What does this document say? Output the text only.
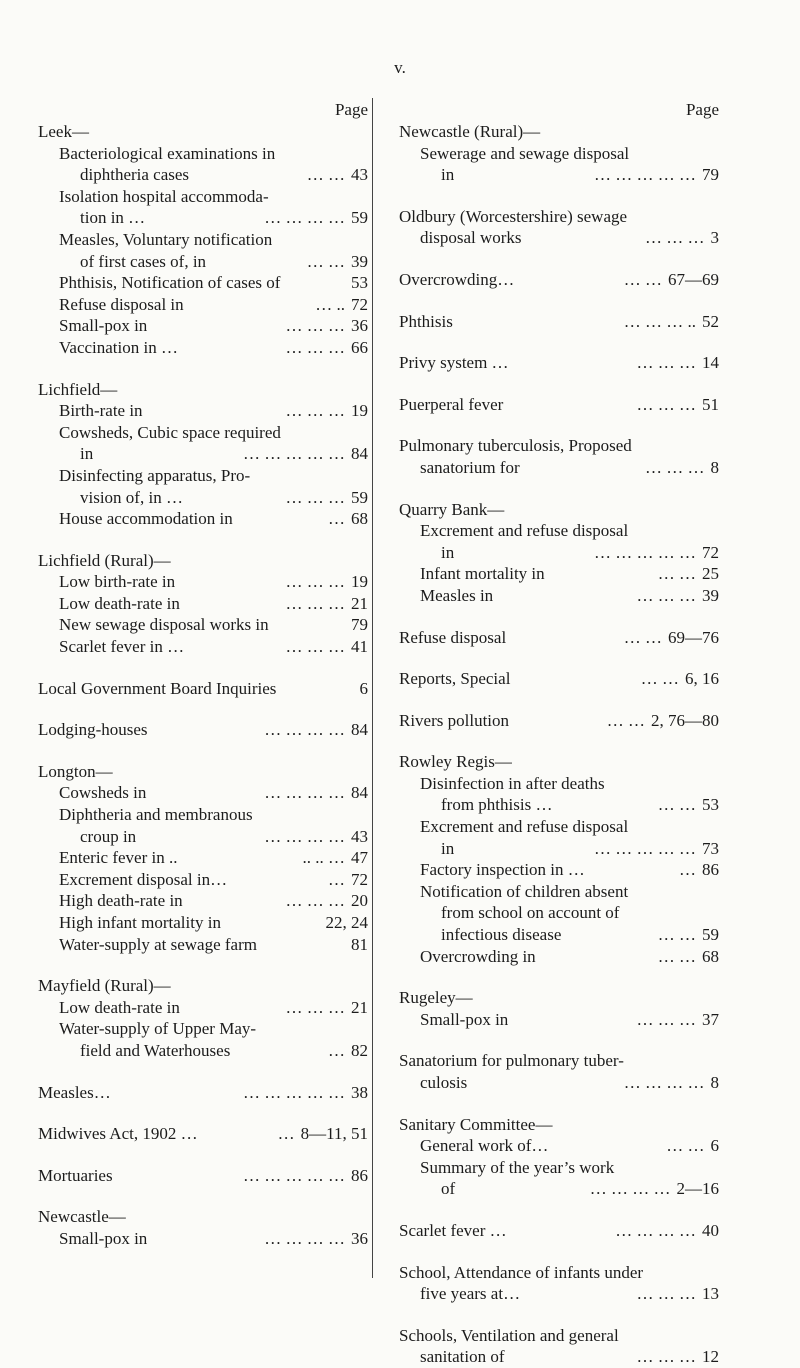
v.
Page
Leek—
Bacteriological examinations in
diphtheria cases	… … 43
Isolation hospital accommoda-
tion in …	… … … … 59
Measles, Voluntary notification
of first cases of, in	… … 39
Phthisis, Notification of cases of	53
Refuse disposal in	… .. 72
Small-pox in	… … … 36
Vaccination in …	… … … 66
Lichfield—
Birth-rate in	… … … 19
Cowsheds, Cubic space required
in	… … … … … 84
Disinfecting apparatus, Pro-
vision of, in …	… … … 59
House accommodation in	… 68
Lichfield (Rural)—
Low birth-rate in	… … … 19
Low death-rate in	… … … 21
New sewage disposal works in	79
Scarlet fever in …	… … … 41
Local Government Board Inquiries	6
Lodging-houses	… … … … 84
Longton—
Cowsheds in	… … … … 84
Diphtheria and membranous
croup in	… … … … 43
Enteric fever in ..	.. .. … 47
Excrement disposal in…	… 72
High death-rate in	… … … 20
High infant mortality in	22, 24
Water-supply at sewage farm	81
Mayfield (Rural)—
Low death-rate in	… … … 21
Water-supply of Upper May-
field and Waterhouses	… 82
Measles…	… … … … … 38
Midwives Act, 1902 …	… 8—11, 51
Mortuaries	… … … … … 86
Newcastle—
Small-pox in	… … … … 36
Page
Newcastle (Rural)—
Sewerage and sewage disposal
in	… … … … … 79
Oldbury (Worcestershire) sewage
disposal works	… … … 3
Overcrowding…	… … 67—69
Phthisis	… … … .. 52
Privy system …	… … … 14
Puerperal fever	… … … 51
Pulmonary tuberculosis, Proposed
sanatorium for	… … … 8
Quarry Bank—
Excrement and refuse disposal
in	… … … … … 72
Infant mortality in	… … 25
Measles in	… … … 39
Refuse disposal	… … 69—76
Reports, Special	… … 6, 16
Rivers pollution	… … 2, 76—80
Rowley Regis—
Disinfection in after deaths
from phthisis …	… … 53
Excrement and refuse disposal
in	… … … … … 73
Factory inspection in …	… 86
Notification of children absent
from school on account of
infectious disease	… … 59
Overcrowding in	… … 68
Rugeley—
Small-pox in	… … … 37
Sanatorium for pulmonary tuber-
culosis	… … … … 8
Sanitary Committee—
General work of…	… … 6
Summary of the year’s work
of	… … … … 2—16
Scarlet fever …	… … … … 40
School, Attendance of infants under
five years at…	… … … 13
Schools, Ventilation and general
sanitation of	… … … 12
